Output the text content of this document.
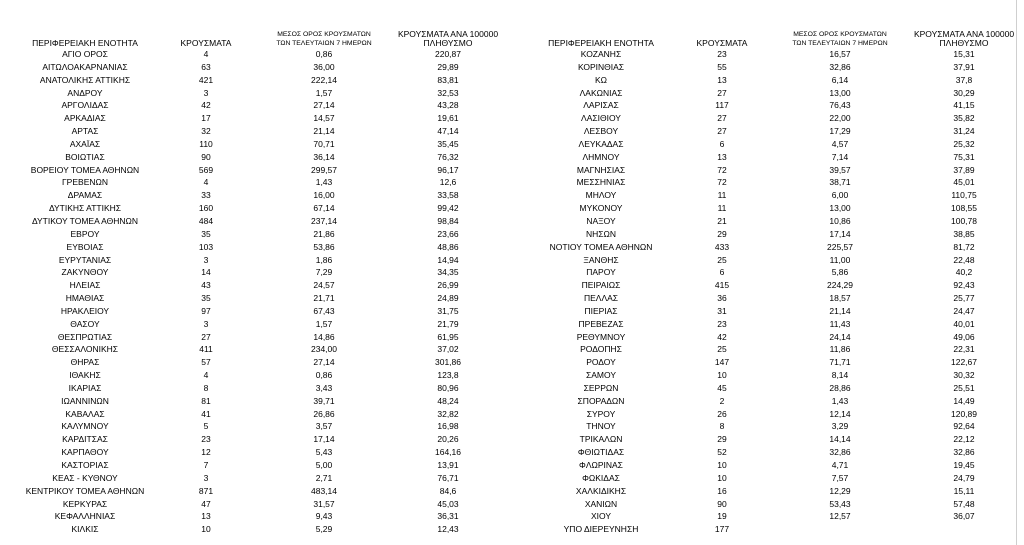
ΠΕΡΙΦΕΡΕΙΑΚΗ ΕΝΟΤΗΤΑ	ΚΡΟΥΣΜΑΤΑ
ΜΕΣΟΣ ΟΡΟΣ ΚΡΟΥΣΜΑΤΩΝ
ΤΩΝ ΤΕΛΕΥΤΑΙΩΝ 7 ΗΜΕΡΩΝ
ΚΡΟΥΣΜΑΤΑ ΑΝΑ 100000
ΠΛΗΘΥΣΜΟ
ΑΓΙΟ ΟΡΟΣ	4	0,86	220,87
ΑΙΤΩΛΟΑΚΑΡΝΑΝΙΑΣ	63	36,00	29,89
ΑΝΑΤΟΛΙΚΗΣ ΑΤΤΙΚΗΣ	421	222,14	83,81
ΑΝΔΡΟΥ	3	1,57	32,53
ΑΡΓΟΛΙΔΑΣ	42	27,14	43,28
ΑΡΚΑΔΙΑΣ	17	14,57	19,61
ΑΡΤΑΣ	32	21,14	47,14
ΑΧΑΪΑΣ	110	70,71	35,45
ΒΟΙΩΤΙΑΣ	90	36,14	76,32
ΒΟΡΕΙΟΥ ΤΟΜΕΑ ΑΘΗΝΩΝ	569	299,57	96,17
ΓΡΕΒΕΝΩΝ	4	1,43	12,6
ΔΡΑΜΑΣ	33	16,00	33,58
ΔΥΤΙΚΗΣ ΑΤΤΙΚΗΣ	160	67,14	99,42
ΔΥΤΙΚΟΥ ΤΟΜΕΑ ΑΘΗΝΩΝ	484	237,14	98,84
ΕΒΡΟΥ	35	21,86	23,66
ΕΥΒΟΙΑΣ	103	53,86	48,86
ΕΥΡΥΤΑΝΙΑΣ	3	1,86	14,94
ΖΑΚΥΝΘΟΥ	14	7,29	34,35
ΗΛΕΙΑΣ	43	24,57	26,99
ΗΜΑΘΙΑΣ	35	21,71	24,89
ΗΡΑΚΛΕΙΟΥ	97	67,43	31,75
ΘΑΣΟΥ	3	1,57	21,79
ΘΕΣΠΡΩΤΙΑΣ	27	14,86	61,95
ΘΕΣΣΑΛΟΝΙΚΗΣ	411	234,00	37,02
ΘΗΡΑΣ	57	27,14	301,86
ΙΘΑΚΗΣ	4	0,86	123,8
ΙΚΑΡΙΑΣ	8	3,43	80,96
ΙΩΑΝΝΙΝΩΝ	81	39,71	48,24
ΚΑΒΑΛΑΣ	41	26,86	32,82
ΚΑΛΥΜΝΟΥ	5	3,57	16,98
ΚΑΡΔΙΤΣΑΣ	23	17,14	20,26
ΚΑΡΠΑΘΟΥ	12	5,43	164,16
ΚΑΣΤΟΡΙΑΣ	7	5,00	13,91
ΚΕΑΣ - ΚΥΘΝΟΥ	3	2,71	76,71
ΚΕΝΤΡΙΚΟΥ ΤΟΜΕΑ ΑΘΗΝΩΝ	871	483,14	84,6
ΚΕΡΚΥΡΑΣ	47	31,57	45,03
ΚΕΦΑΛΛΗΝΙΑΣ	13	9,43	36,31
ΚΙΛΚΙΣ	10	5,29	12,43
ΠΕΡΙΦΕΡΕΙΑΚΗ ΕΝΟΤΗΤΑ	ΚΡΟΥΣΜΑΤΑ
ΜΕΣΟΣ ΟΡΟΣ ΚΡΟΥΣΜΑΤΩΝ
ΤΩΝ ΤΕΛΕΥΤΑΙΩΝ 7 ΗΜΕΡΩΝ
ΚΡΟΥΣΜΑΤΑ ΑΝΑ 100000
ΠΛΗΘΥΣΜΟ
ΚΟΖΑΝΗΣ	23	16,57	15,31
ΚΟΡΙΝΘΙΑΣ	55	32,86	37,91
ΚΩ	13	6,14	37,8
ΛΑΚΩΝΙΑΣ	27	13,00	30,29
ΛΑΡΙΣΑΣ	117	76,43	41,15
ΛΑΣΙΘΙΟΥ	27	22,00	35,82
ΛΕΣΒΟΥ	27	17,29	31,24
ΛΕΥΚΑΔΑΣ	6	4,57	25,32
ΛΗΜΝΟΥ	13	7,14	75,31
ΜΑΓΝΗΣΙΑΣ	72	39,57	37,89
ΜΕΣΣΗΝΙΑΣ	72	38,71	45,01
ΜΗΛΟΥ	11	6,00	110,75
ΜΥΚΟΝΟΥ	11	13,00	108,55
ΝΑΞΟΥ	21	10,86	100,78
ΝΗΣΩΝ	29	17,14	38,85
ΝΟΤΙΟΥ ΤΟΜΕΑ ΑΘΗΝΩΝ	433	225,57	81,72
ΞΑΝΘΗΣ	25	11,00	22,48
ΠΑΡΟΥ	6	5,86	40,2
ΠΕΙΡΑΙΩΣ	415	224,29	92,43
ΠΕΛΛΑΣ	36	18,57	25,77
ΠΙΕΡΙΑΣ	31	21,14	24,47
ΠΡΕΒΕΖΑΣ	23	11,43	40,01
ΡΕΘΥΜΝΟΥ	42	24,14	49,06
ΡΟΔΟΠΗΣ	25	11,86	22,31
ΡΟΔΟΥ	147	71,71	122,67
ΣΑΜΟΥ	10	8,14	30,32
ΣΕΡΡΩΝ	45	28,86	25,51
ΣΠΟΡΑΔΩΝ	2	1,43	14,49
ΣΥΡΟΥ	26	12,14	120,89
ΤΗΝΟΥ	8	3,29	92,64
ΤΡΙΚΑΛΩΝ	29	14,14	22,12
ΦΘΙΩΤΙΔΑΣ	52	32,86	32,86
ΦΛΩΡΙΝΑΣ	10	4,71	19,45
ΦΩΚΙΔΑΣ	10	7,57	24,79
ΧΑΛΚΙΔΙΚΗΣ	16	12,29	15,11
ΧΑΝΙΩΝ	90	53,43	57,48
ΧΙΟΥ	19	12,57	36,07
ΥΠΟ ΔΙΕΡΕΥΝΗΣΗ	177
